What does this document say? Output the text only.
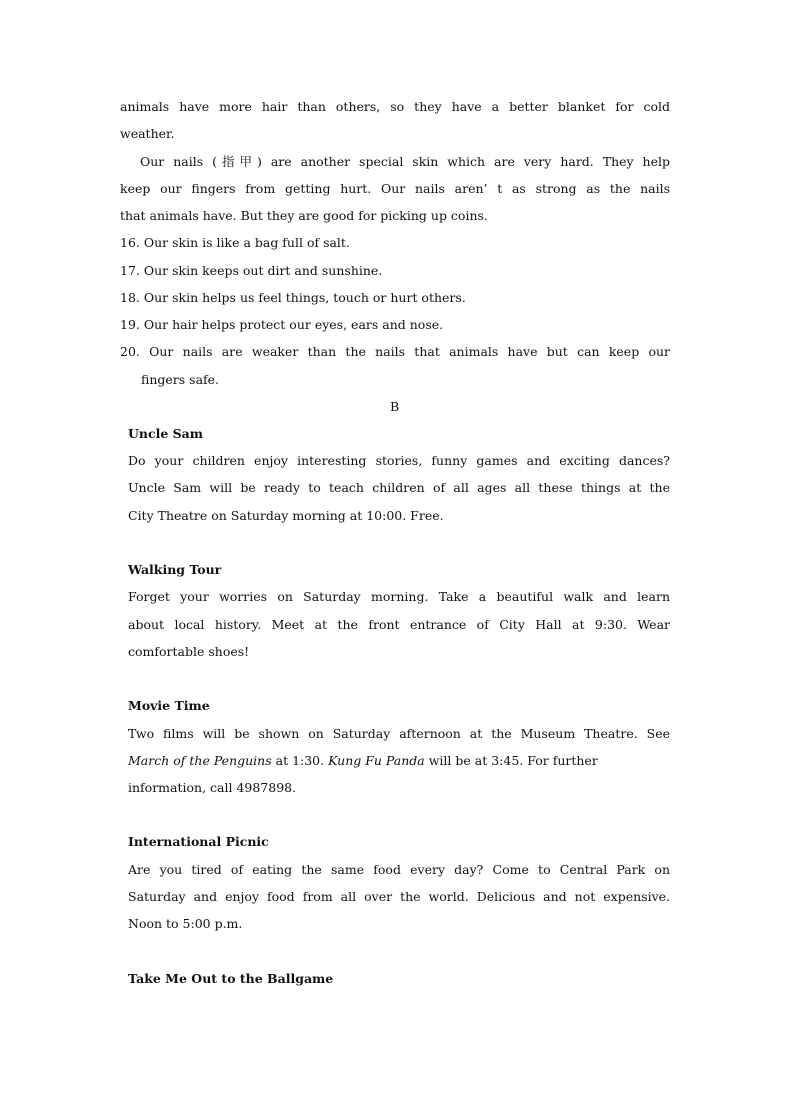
animals have more hair than others, so they have a better blanket for cold

weather.

Our nails (指甲) are another special skin which are very hard. They help

keep our fingers from getting hurt. Our nails aren’ t as strong as the nails

that animals have. But they are good for picking up coins.

16. Our skin is like a bag full of salt.

17. Our skin keeps out dirt and sunshine.

18. Our skin helps us feel things, touch or hurt others.

19. Our hair helps protect our eyes, ears and nose.

20. Our nails are weaker than the nails that animals have but can keep our

fingers safe.

B

Uncle Sam

Do your children enjoy interesting stories, funny games and exciting dances?

Uncle Sam will be ready to teach children of all ages all these things at the

City Theatre on Saturday morning at 10:00. Free.

Walking Tour

Forget your worries on Saturday morning. Take a beautiful walk and learn

about local history. Meet at the front entrance of City Hall at 9:30. Wear

comfortable shoes!

Movie Time

Two films will be shown on Saturday afternoon at the Museum Theatre. See

March of the Penguins at 1:30. Kung Fu Panda will be at 3:45. For further

information, call 4987898.

International Picnic

Are you tired of eating the same food every day? Come to Central Park on

Saturday and enjoy food from all over the world. Delicious and not expensive.

Noon to 5:00 p.m.

Take Me Out to the Ballgame
